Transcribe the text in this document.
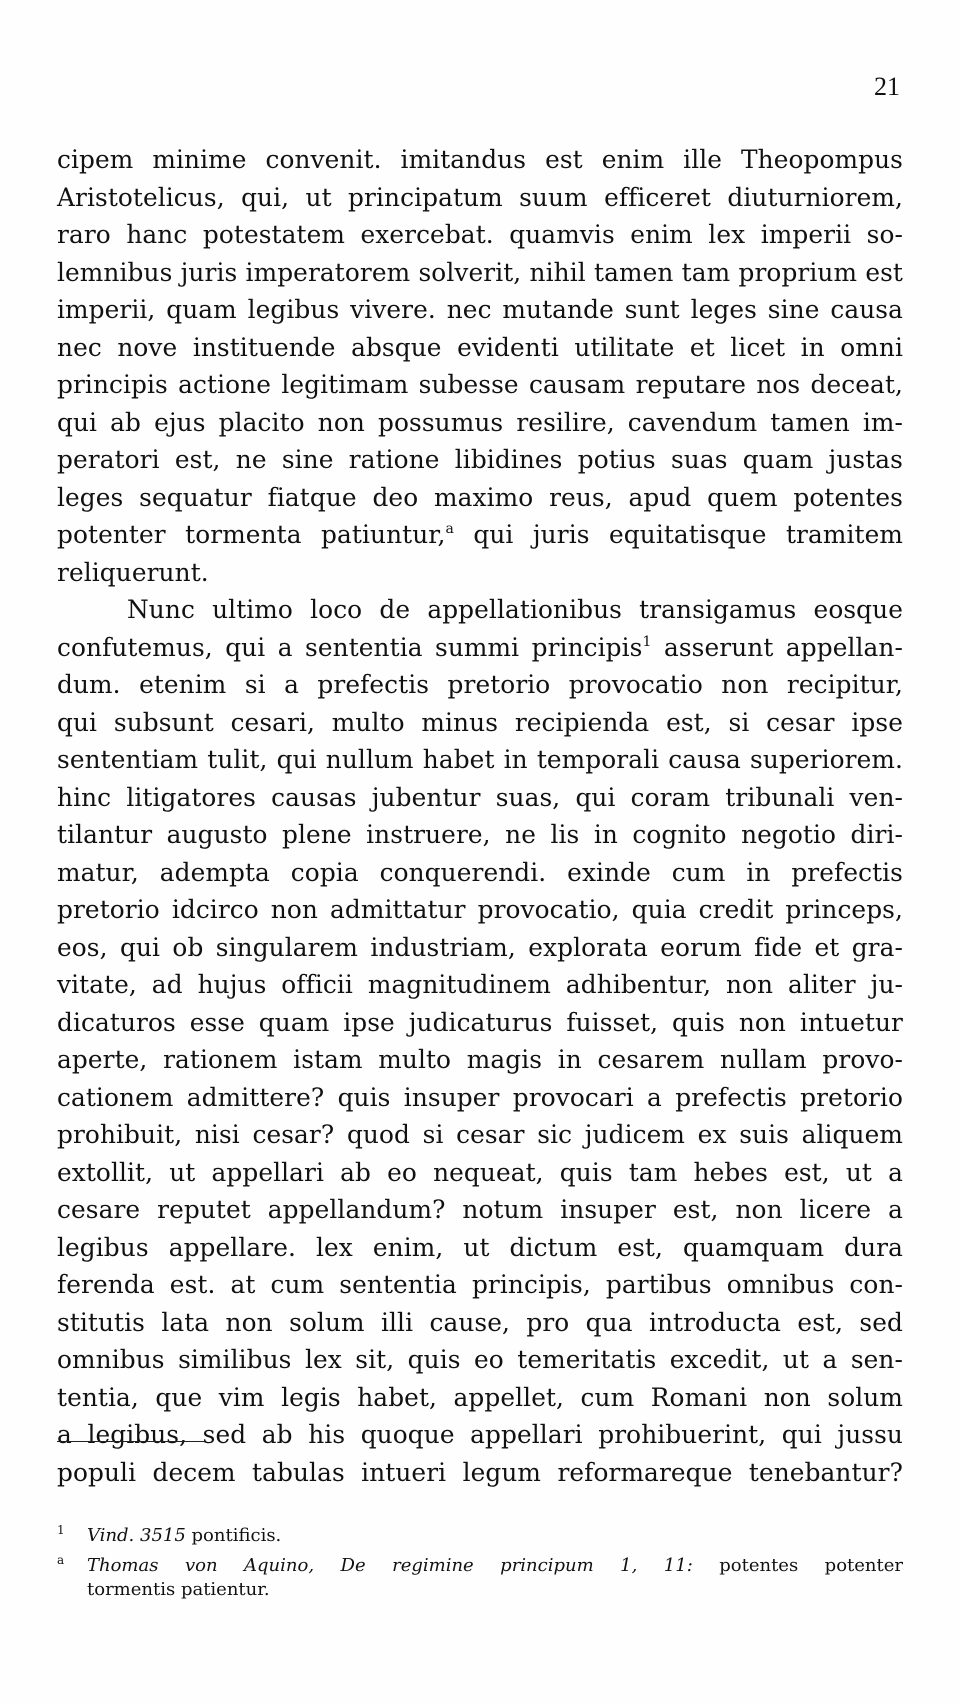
21
cipem minime convenit. imitandus est enim ille Theopompus
Aristotelicus, qui, ut principatum suum efficeret diuturniorem,
raro hanc potestatem exercebat. quamvis enim lex imperii so-
lemnibus juris imperatorem solverit, nihil tamen tam proprium est
imperii, quam legibus vivere. nec mutande sunt leges sine causa
nec nove instituende absque evidenti utilitate et licet in omni
principis actione legitimam subesse causam reputare nos deceat,
qui ab ejus placito non possumus resilire, cavendum tamen im-
peratori est, ne sine ratione libidines potius suas quam justas
leges sequatur fiatque deo maximo reus, apud quem potentes
potenter tormenta patiuntur,$^a$ qui juris equitatisque tramitem
reliquerunt.
Nunc ultimo loco de appellationibus transigamus eosque
confutemus, qui a sententia summi principis$^1$ asserunt appellan-
dum. etenim si a prefectis pretorio provocatio non recipitur,
qui subsunt cesari, multo minus recipienda est, si cesar ipse
sententiam tulit, qui nullum habet in temporali causa superiorem.
hinc litigatores causas jubentur suas, qui coram tribunali ven-
tilantur augusto plene instruere, ne lis in cognito negotio diri-
matur, adempta copia conquerendi. exinde cum in prefectis
pretorio idcirco non admittatur provocatio, quia credit princeps,
eos, qui ob singularem industriam, explorata eorum fide et gra-
vitate, ad hujus officii magnitudinem adhibentur, non aliter ju-
dicaturos esse quam ipse judicaturus fuisset, quis non intuetur
aperte, rationem istam multo magis in cesarem nullam provo-
cationem admittere? quis insuper provocari a prefectis pretorio
prohibuit, nisi cesar? quod si cesar sic judicem ex suis aliquem
extollit, ut appellari ab eo nequeat, quis tam hebes est, ut a
cesare reputet appellandum? notum insuper est, non licere a
legibus appellare. lex enim, ut dictum est, quamquam dura
ferenda est. at cum sententia principis, partibus omnibus con-
stitutis lata non solum illi cause, pro qua introducta est, sed
omnibus similibus lex sit, quis eo temeritatis excedit, ut a sen-
tentia, que vim legis habet, appellet, cum Romani non solum
a legibus, sed ab his quoque appellari prohibuerint, qui jussu
populi decem tabulas intueri legum reformareque tenebantur?
1 Vind. 3515 pontificis.
a Thomas von Aquino, De regimine principum 1, 11: potentes potenter
tormentis patientur.
